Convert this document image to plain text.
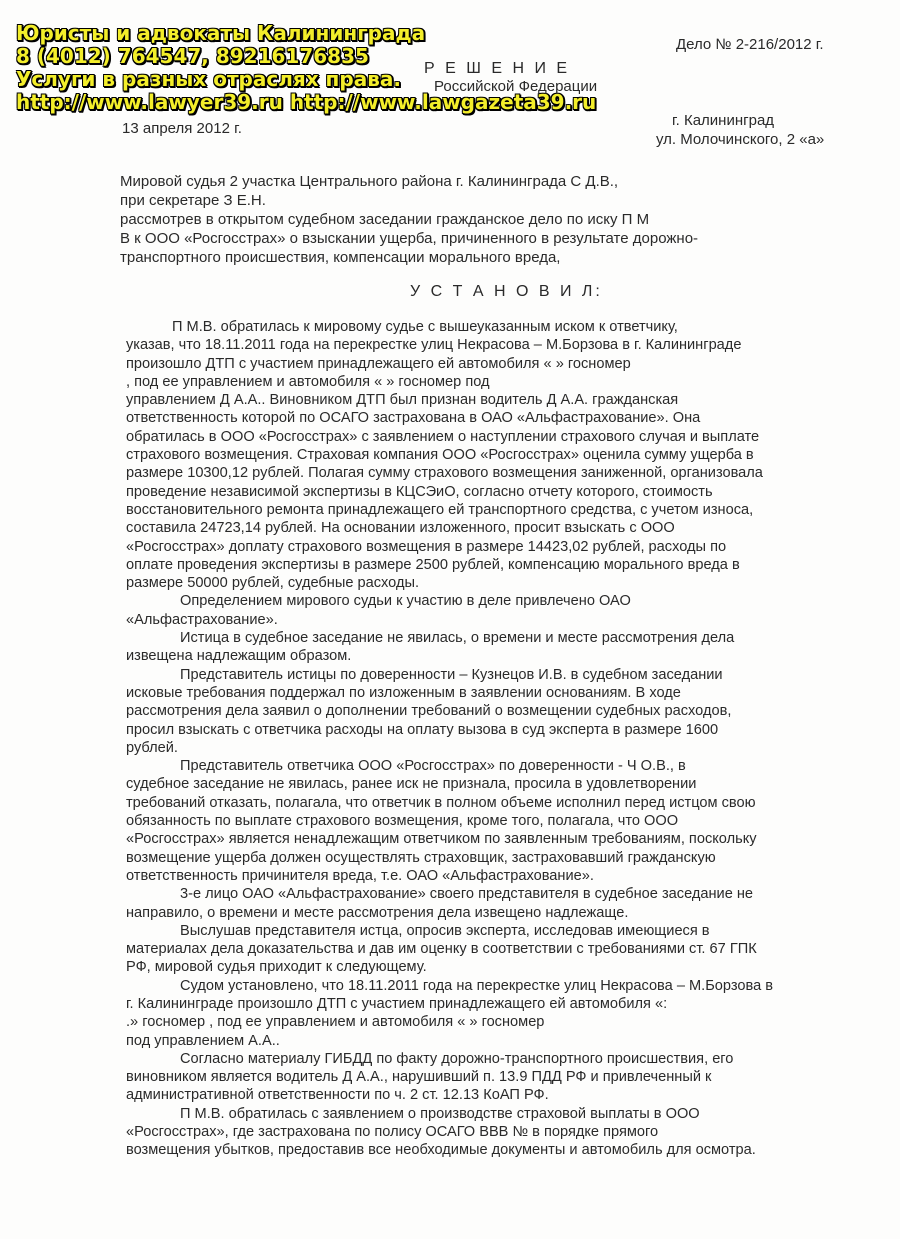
Юристы и адвокаты Калининграда
8 (4012) 764547, 89216176835
Услуги в разных отраслях права.
http://www.lawyer39.ru http://www.lawgazeta39.ru
Дело № 2-216/2012 г.
Р Е Ш Е Н И Е
Российской Федерации
13 апреля 2012 г.	г. Калининград
ул. Молочинского, 2 «а»
Мировой судья 2 участка Центрального района г. Калининграда С Д.В.,
при секретаре З Е.Н.
рассмотрев в открытом судебном заседании гражданское дело по иску П М
В к ООО «Росгосстрах» о взыскании ущерба, причиненного в результате дорожно-
транспортного происшествия, компенсации морального вреда,
У С Т А Н О В И Л:
П М.В. обратилась к мировому судье с вышеуказанным иском к ответчику,
указав, что 18.11.2011 года на перекрестке улиц Некрасова – М.Борзова в г. Калининграде
произошло ДТП с участием принадлежащего ей автомобиля « » госномер
, под ее управлением и автомобиля « » госномер под
управлением Д А.А.. Виновником ДТП был признан водитель Д А.А. гражданская
ответственность которой по ОСАГО застрахована в ОАО «Альфастрахование». Она
обратилась в ООО «Росгосстрах» с заявлением о наступлении страхового случая и выплате
страхового возмещения. Страховая компания ООО «Росгосстрах» оценила сумму ущерба в
размере 10300,12 рублей. Полагая сумму страхового возмещения заниженной, организовала
проведение независимой экспертизы в КЦСЭиО, согласно отчету которого, стоимость
восстановительного ремонта принадлежащего ей транспортного средства, с учетом износа,
составила 24723,14 рублей. На основании изложенного, просит взыскать с ООО
«Росгосстрах» доплату страхового возмещения в размере 14423,02 рублей, расходы по
оплате проведения экспертизы в размере 2500 рублей, компенсацию морального вреда в
размере 50000 рублей, судебные расходы.
Определением мирового судьи к участию в деле привлечено ОАО
«Альфастрахование».
Истица в судебное заседание не явилась, о времени и месте рассмотрения дела
извещена надлежащим образом.
Представитель истицы по доверенности – Кузнецов И.В. в судебном заседании
исковые требования поддержал по изложенным в заявлении основаниям. В ходе
рассмотрения дела заявил о дополнении требований о возмещении судебных расходов,
просил взыскать с ответчика расходы на оплату вызова в суд эксперта в размере 1600
рублей.
Представитель ответчика ООО «Росгосстрах» по доверенности - Ч О.В., в
судебное заседание не явилась, ранее иск не признала, просила в удовлетворении
требований отказать, полагала, что ответчик в полном объеме исполнил перед истцом свою
обязанность по выплате страхового возмещения, кроме того, полагала, что ООО
«Росгосстрах» является ненадлежащим ответчиком по заявленным требованиям, поскольку
возмещение ущерба должен осуществлять страховщик, застраховавший гражданскую
ответственность причинителя вреда, т.е. ОАО «Альфастрахование».
3-е лицо ОАО «Альфастрахование» своего представителя в судебное заседание не
направило, о времени и месте рассмотрения дела извещено надлежаще.
Выслушав представителя истца, опросив эксперта, исследовав имеющиеся в
материалах дела доказательства и дав им оценку в соответствии с требованиями ст. 67 ГПК
РФ, мировой судья приходит к следующему.
Судом установлено, что 18.11.2011 года на перекрестке улиц Некрасова – М.Борзова в
г. Калининграде произошло ДТП с участием принадлежащего ей автомобиля «:
.» госномер , под ее управлением и автомобиля « » госномер
под управлением А.А..
Согласно материалу ГИБДД по факту дорожно-транспортного происшествия, его
виновником является водитель Д А.А., нарушивший п. 13.9 ПДД РФ и привлеченный к
административной ответственности по ч. 2 ст. 12.13 КоАП РФ.
П М.В. обратилась с заявлением о производстве страховой выплаты в ООО
«Росгосстрах», где застрахована по полису ОСАГО ВВВ № в порядке прямого
возмещения убытков, предоставив все необходимые документы и автомобиль для осмотра.
